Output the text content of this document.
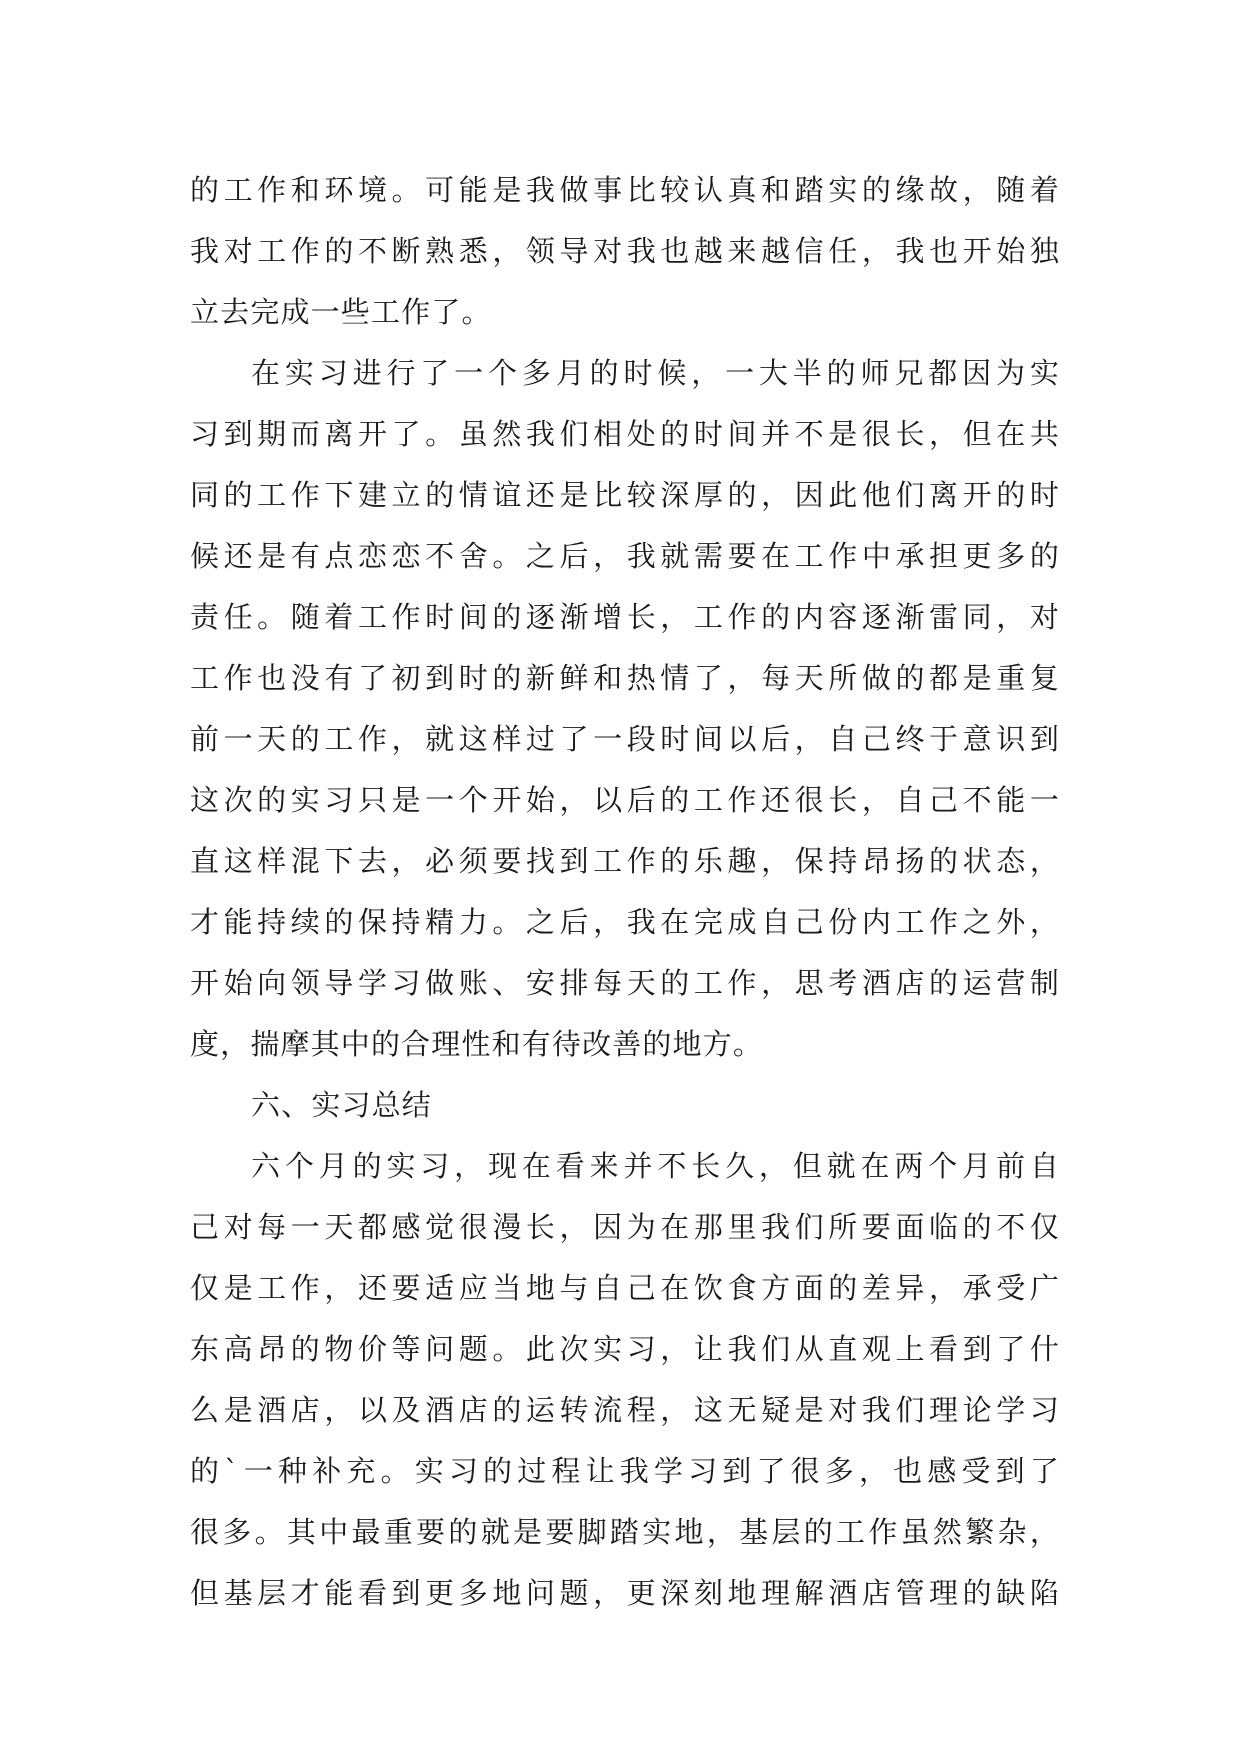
的工作和环境。可能是我做事比较认真和踏实的缘故，随着
我对工作的不断熟悉，领导对我也越来越信任，我也开始独
立去完成一些工作了。
在实习进行了一个多月的时候，一大半的师兄都因为实
习到期而离开了。虽然我们相处的时间并不是很长，但在共
同的工作下建立的情谊还是比较深厚的，因此他们离开的时
候还是有点恋恋不舍。之后，我就需要在工作中承担更多的
责任。随着工作时间的逐渐增长，工作的内容逐渐雷同，对
工作也没有了初到时的新鲜和热情了，每天所做的都是重复
前一天的工作，就这样过了一段时间以后，自己终于意识到
这次的实习只是一个开始，以后的工作还很长，自己不能一
直这样混下去，必须要找到工作的乐趣，保持昂扬的状态，
才能持续的保持精力。之后，我在完成自己份内工作之外，
开始向领导学习做账、安排每天的工作，思考酒店的运营制
度，揣摩其中的合理性和有待改善的地方。
六、实习总结
六个月的实习，现在看来并不长久，但就在两个月前自
己对每一天都感觉很漫长，因为在那里我们所要面临的不仅
仅是工作，还要适应当地与自己在饮食方面的差异，承受广
东高昂的物价等问题。此次实习，让我们从直观上看到了什
么是酒店，以及酒店的运转流程，这无疑是对我们理论学习
的`一种补充。实习的过程让我学习到了很多，也感受到了
很多。其中最重要的就是要脚踏实地，基层的工作虽然繁杂，
但基层才能看到更多地问题，更深刻地理解酒店管理的缺陷
